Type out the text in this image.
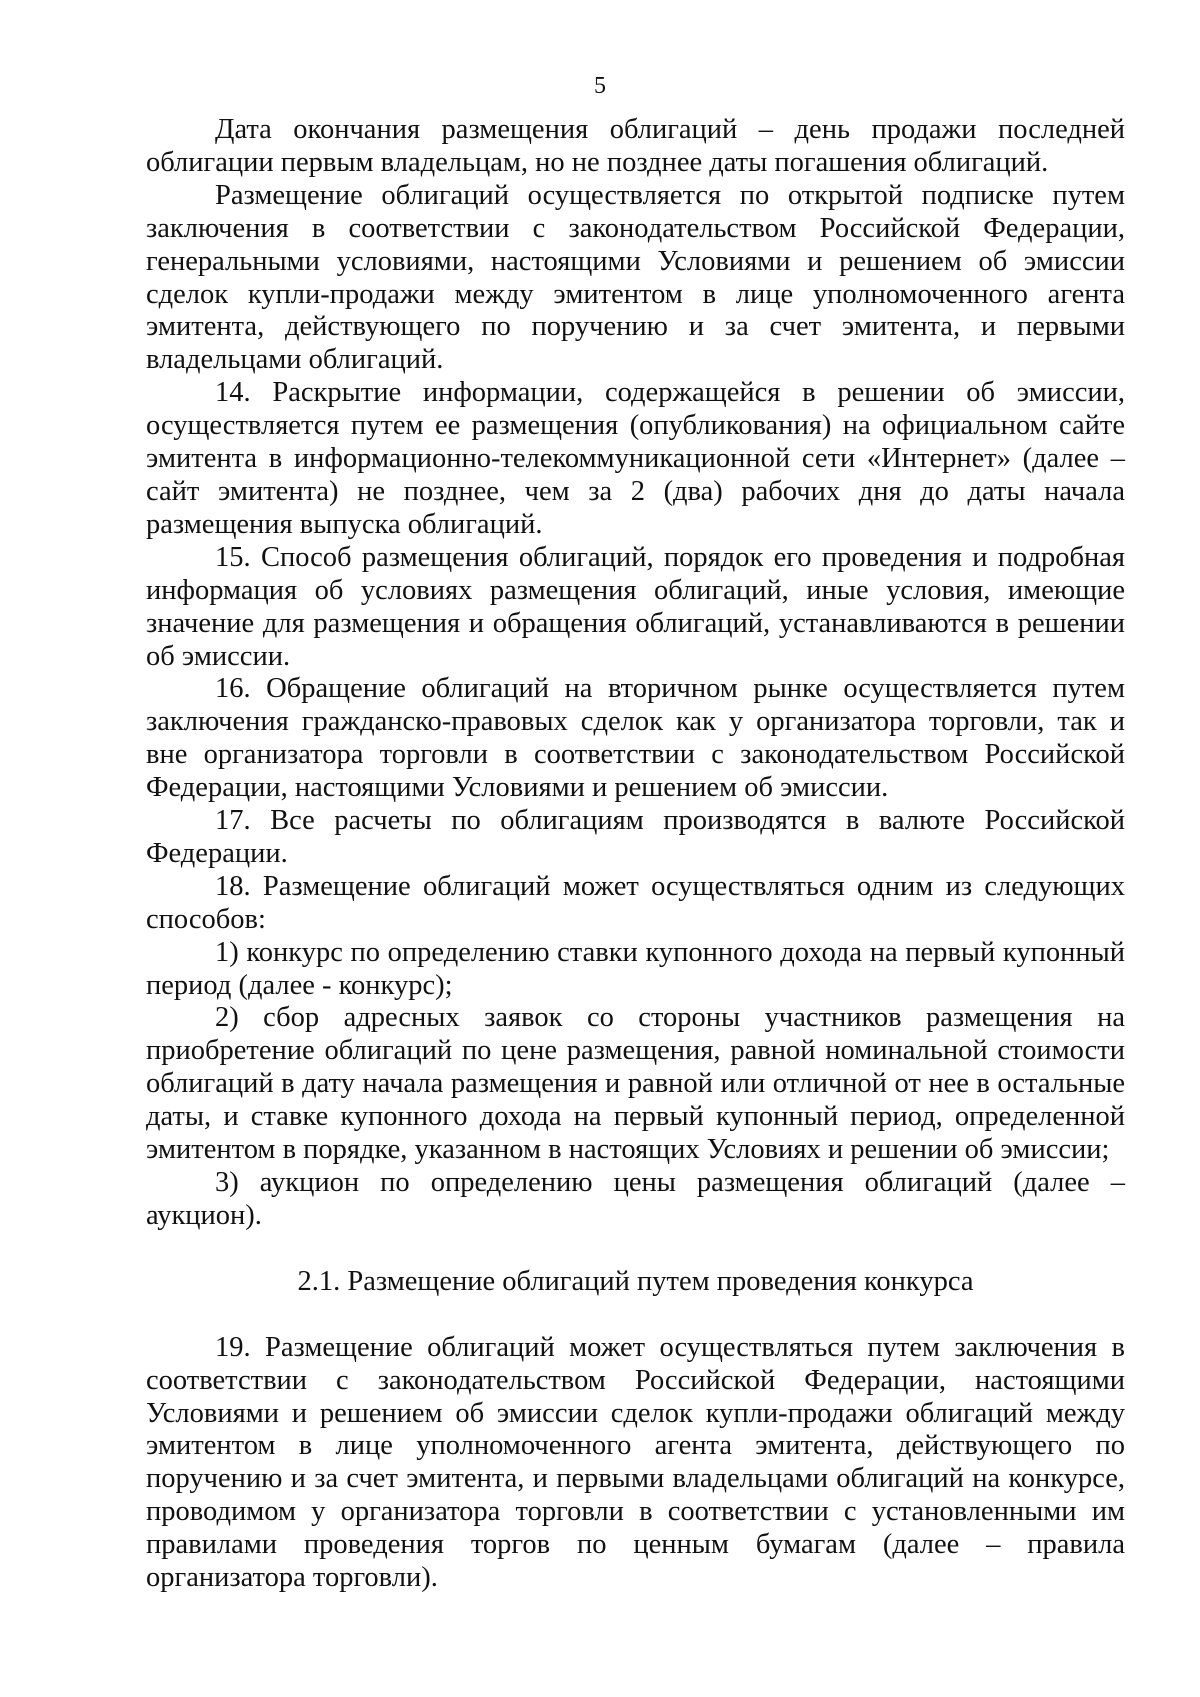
5

Дата окончания размещения облигаций – день продажи последней облигации первым владельцам, но не позднее даты погашения облигаций.

Размещение облигаций осуществляется по открытой подписке путем заключения в соответствии с законодательством Российской Федерации, генеральными условиями, настоящими Условиями и решением об эмиссии сделок купли-продажи между эмитентом в лице уполномоченного агента эмитента, действующего по поручению и за счет эмитента, и первыми владельцами облигаций.

14. Раскрытие информации, содержащейся в решении об эмиссии, осуществляется путем ее размещения (опубликования) на официальном сайте эмитента в информационно-телекоммуникационной сети «Интернет» (далее – сайт эмитента) не позднее, чем за 2 (два) рабочих дня до даты начала размещения выпуска облигаций.

15. Способ размещения облигаций, порядок его проведения и подробная информация об условиях размещения облигаций, иные условия, имеющие значение для размещения и обращения облигаций, устанавливаются в решении об эмиссии.

16. Обращение облигаций на вторичном рынке осуществляется путем заключения гражданско-правовых сделок как у организатора торговли, так и вне организатора торговли в соответствии с законодательством Российской Федерации, настоящими Условиями и решением об эмиссии.

17. Все расчеты по облигациям производятся в валюте Российской Федерации.

18. Размещение облигаций может осуществляться одним из следующих способов:

1) конкурс по определению ставки купонного дохода на первый купонный период (далее - конкурс);

2) сбор адресных заявок со стороны участников размещения на приобретение облигаций по цене размещения, равной номинальной стоимости облигаций в дату начала размещения и равной или отличной от нее в остальные даты, и ставке купонного дохода на первый купонный период, определенной эмитентом в порядке, указанном в настоящих Условиях и решении об эмиссии;

3) аукцион по определению цены размещения облигаций (далее – аукцион).

2.1. Размещение облигаций путем проведения конкурса

19. Размещение облигаций может осуществляться путем заключения в соответствии с законодательством Российской Федерации, настоящими Условиями и решением об эмиссии сделок купли-продажи облигаций между эмитентом в лице уполномоченного агента эмитента, действующего по поручению и за счет эмитента, и первыми владельцами облигаций на конкурсе, проводимом у организатора торговли в соответствии с установленными им правилами проведения торгов по ценным бумагам (далее – правила организатора торговли).
